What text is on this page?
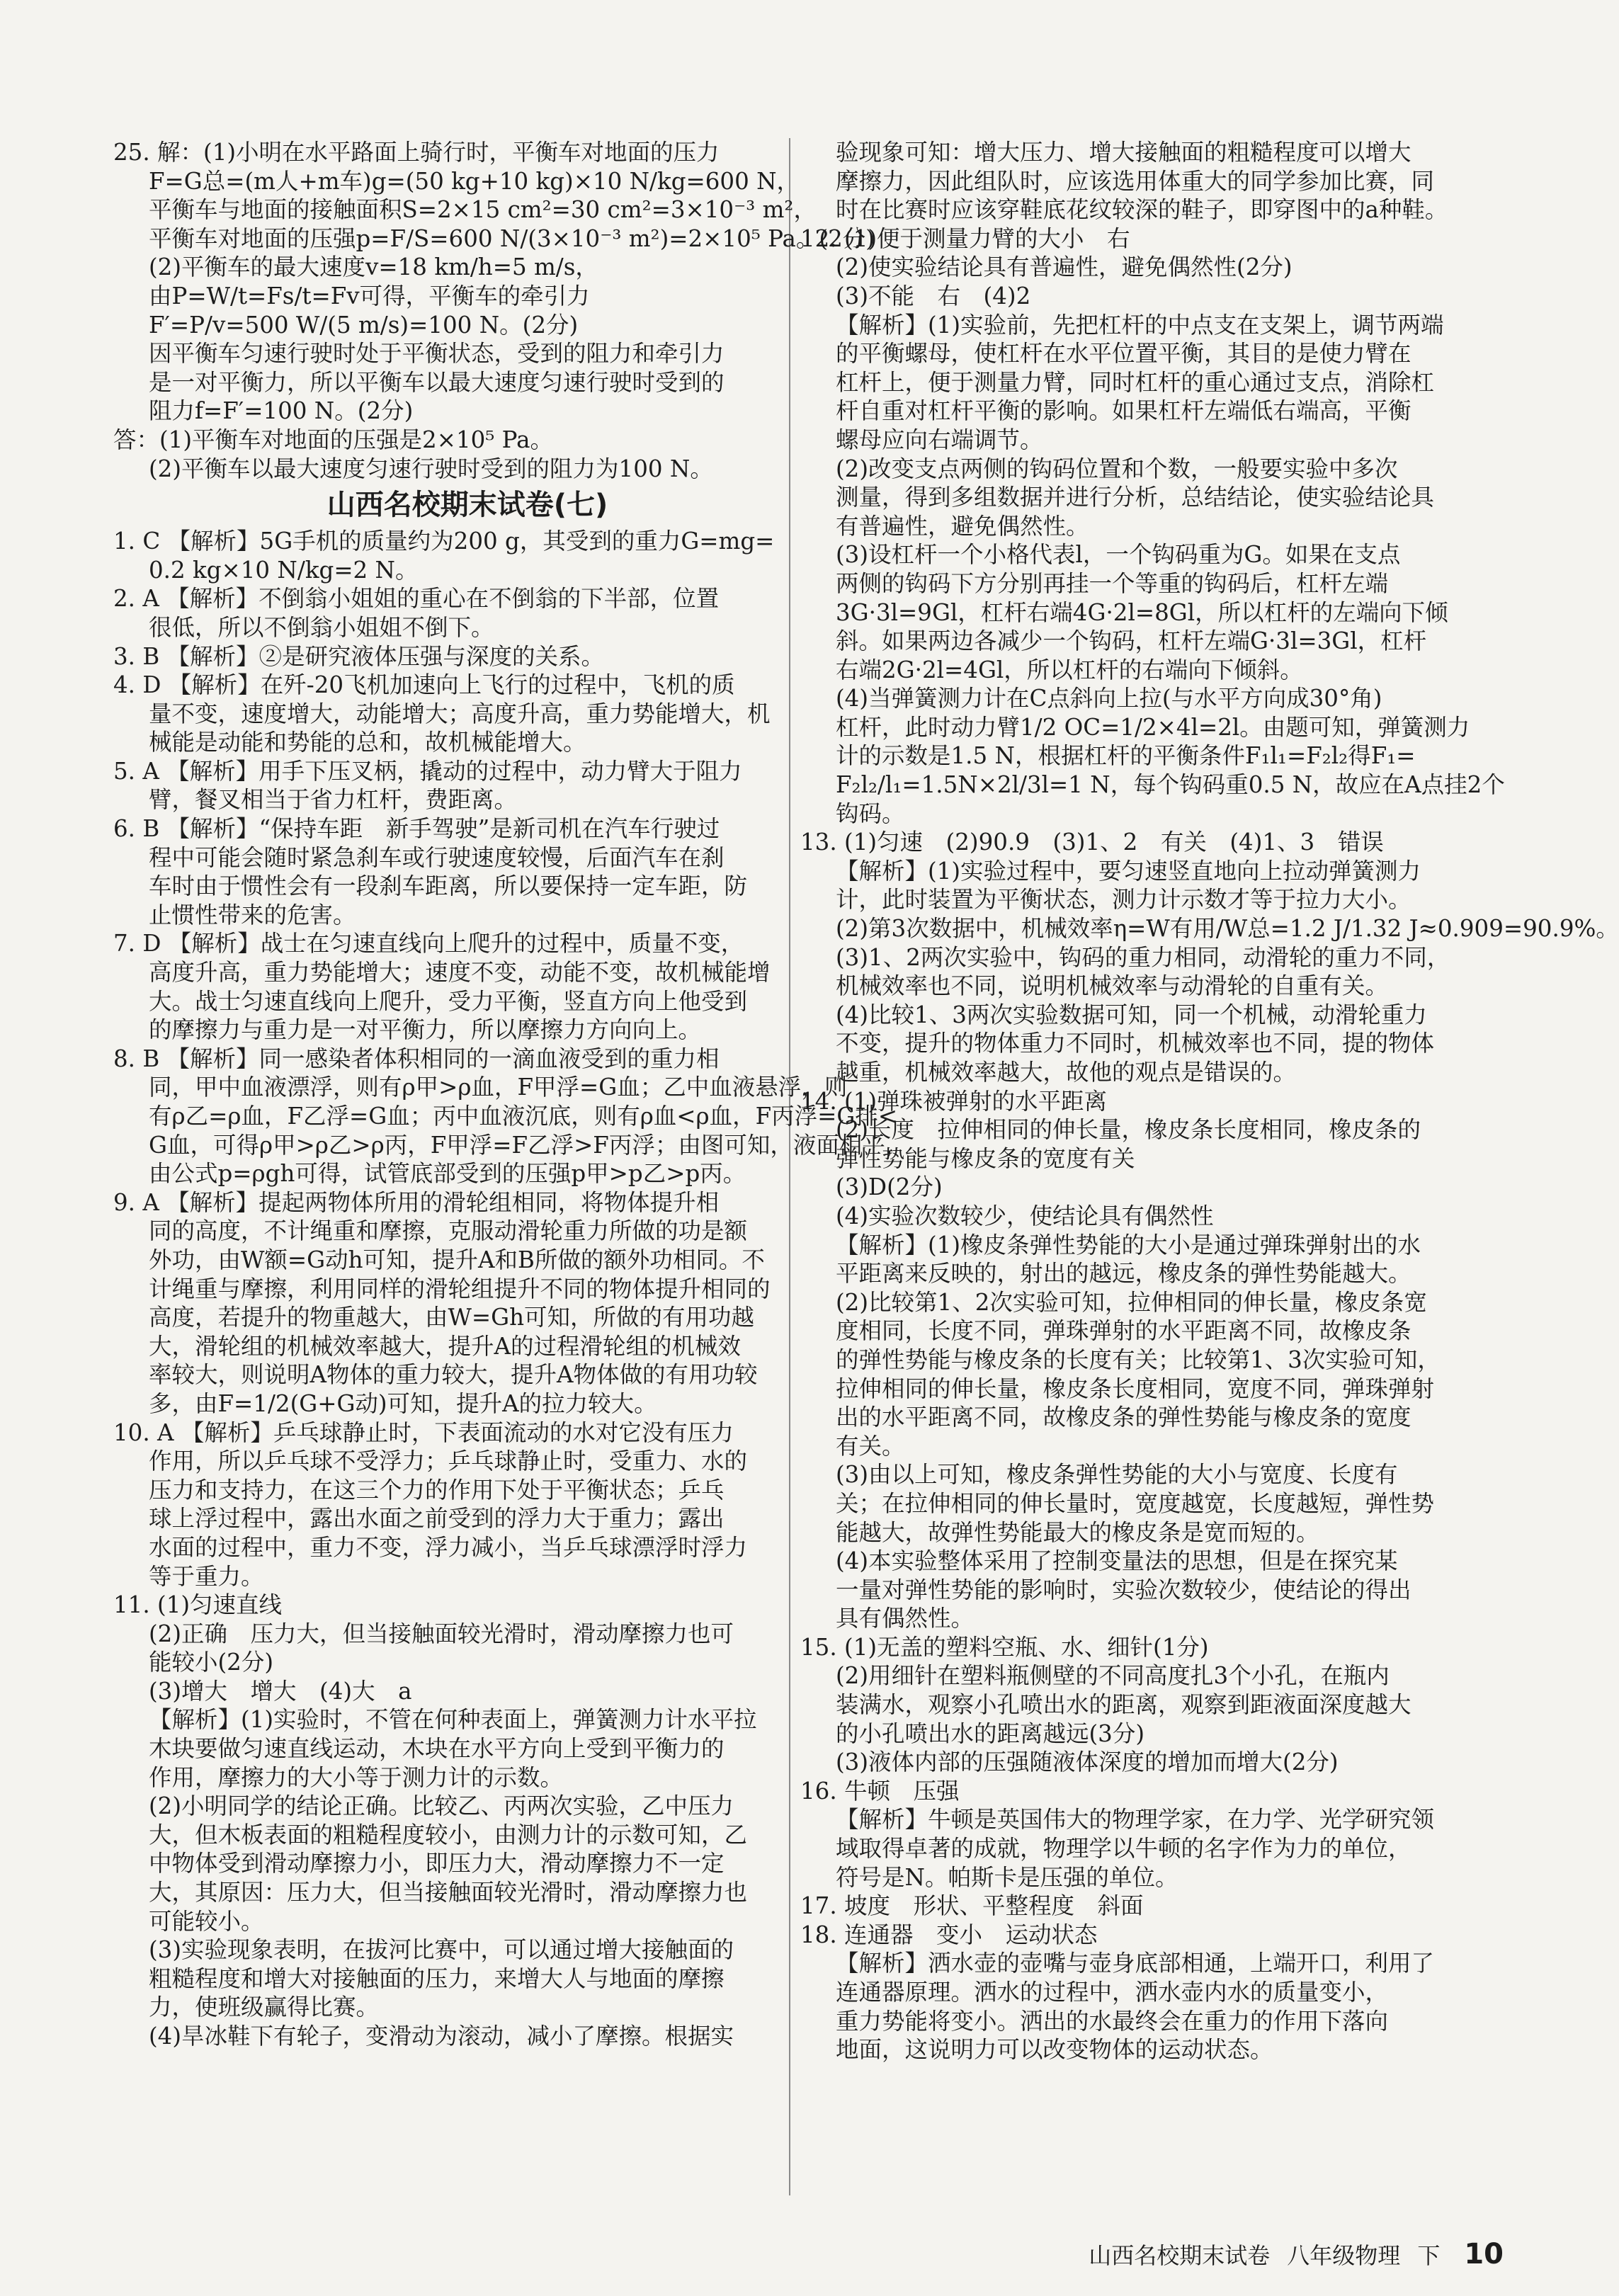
25. 解：(1)小明在水平路面上骑行时，平衡车对地面的压力
F=G总=(m人+m车)g=(50 kg+10 kg)×10 N/kg=600 N，
平衡车与地面的接触面积S=2×15 cm²=30 cm²=3×10⁻³ m²，
平衡车对地面的压强p=F/S=600 N/(3×10⁻³ m²)=2×10⁵ Pa。(2分)
(2)平衡车的最大速度v=18 km/h=5 m/s，
由P=W/t=Fs/t=Fv可得，平衡车的牵引力
F′=P/v=500 W/(5 m/s)=100 N。(2分)
因平衡车匀速行驶时处于平衡状态，受到的阻力和牵引力
是一对平衡力，所以平衡车以最大速度匀速行驶时受到的
阻力f=F′=100 N。(2分)
答：(1)平衡车对地面的压强是2×10⁵ Pa。
(2)平衡车以最大速度匀速行驶时受到的阻力为100 N。
山西名校期末试卷(七)
1. C 【解析】5G手机的质量约为200 g，其受到的重力G=mg=
0.2 kg×10 N/kg=2 N。
2. A 【解析】不倒翁小姐姐的重心在不倒翁的下半部，位置
很低，所以不倒翁小姐姐不倒下。
3. B 【解析】②是研究液体压强与深度的关系。
4. D 【解析】在歼-20飞机加速向上飞行的过程中，飞机的质
量不变，速度增大，动能增大；高度升高，重力势能增大，机
械能是动能和势能的总和，故机械能增大。
5. A 【解析】用手下压叉柄，撬动的过程中，动力臂大于阻力
臂，餐叉相当于省力杠杆，费距离。
6. B 【解析】“保持车距　新手驾驶”是新司机在汽车行驶过
程中可能会随时紧急刹车或行驶速度较慢，后面汽车在刹
车时由于惯性会有一段刹车距离，所以要保持一定车距，防
止惯性带来的危害。
7. D 【解析】战士在匀速直线向上爬升的过程中，质量不变，
高度升高，重力势能增大；速度不变，动能不变，故机械能增
大。战士匀速直线向上爬升，受力平衡，竖直方向上他受到
的摩擦力与重力是一对平衡力，所以摩擦力方向向上。
8. B 【解析】同一感染者体积相同的一滴血液受到的重力相
同，甲中血液漂浮，则有ρ甲>ρ血，F甲浮=G血；乙中血液悬浮，则
有ρ乙=ρ血，F乙浮=G血；丙中血液沉底，则有ρ血<ρ血，F丙浮=G排<
G血，可得ρ甲>ρ乙>ρ丙，F甲浮=F乙浮>F丙浮；由图可知，液面相平，
由公式p=ρgh可得，试管底部受到的压强p甲>p乙>p丙。
9. A 【解析】提起两物体所用的滑轮组相同，将物体提升相
同的高度，不计绳重和摩擦，克服动滑轮重力所做的功是额
外功，由W额=G动h可知，提升A和B所做的额外功相同。不
计绳重与摩擦，利用同样的滑轮组提升不同的物体提升相同的
高度，若提升的物重越大，由W=Gh可知，所做的有用功越
大，滑轮组的机械效率越大，提升A的过程滑轮组的机械效
率较大，则说明A物体的重力较大，提升A物体做的有用功较
多，由F=1/2(G+G动)可知，提升A的拉力较大。
10. A 【解析】乒乓球静止时，下表面流动的水对它没有压力
作用，所以乒乓球不受浮力；乒乓球静止时，受重力、水的
压力和支持力，在这三个力的作用下处于平衡状态；乒乓
球上浮过程中，露出水面之前受到的浮力大于重力；露出
水面的过程中，重力不变，浮力减小，当乒乓球漂浮时浮力
等于重力。
11. (1)匀速直线
(2)正确　压力大，但当接触面较光滑时，滑动摩擦力也可
能较小(2分)
(3)增大　增大　(4)大　a
【解析】(1)实验时，不管在何种表面上，弹簧测力计水平拉
木块要做匀速直线运动，木块在水平方向上受到平衡力的
作用，摩擦力的大小等于测力计的示数。
(2)小明同学的结论正确。比较乙、丙两次实验，乙中压力
大，但木板表面的粗糙程度较小，由测力计的示数可知，乙
中物体受到滑动摩擦力小，即压力大，滑动摩擦力不一定
大，其原因：压力大，但当接触面较光滑时，滑动摩擦力也
可能较小。
(3)实验现象表明，在拔河比赛中，可以通过增大接触面的
粗糙程度和增大对接触面的压力，来增大人与地面的摩擦
力，使班级赢得比赛。
(4)旱冰鞋下有轮子，变滑动为滚动，减小了摩擦。根据实
验现象可知：增大压力、增大接触面的粗糙程度可以增大
摩擦力，因此组队时，应该选用体重大的同学参加比赛，同
时在比赛时应该穿鞋底花纹较深的鞋子，即穿图中的a种鞋。
12. (1)便于测量力臂的大小　右
(2)使实验结论具有普遍性，避免偶然性(2分)
(3)不能　右　(4)2
【解析】(1)实验前，先把杠杆的中点支在支架上，调节两端
的平衡螺母，使杠杆在水平位置平衡，其目的是使力臂在
杠杆上，便于测量力臂，同时杠杆的重心通过支点，消除杠
杆自重对杠杆平衡的影响。如果杠杆左端低右端高，平衡
螺母应向右端调节。
(2)改变支点两侧的钩码位置和个数，一般要实验中多次
测量，得到多组数据并进行分析，总结结论，使实验结论具
有普遍性，避免偶然性。
(3)设杠杆一个小格代表l，一个钩码重为G。如果在支点
两侧的钩码下方分别再挂一个等重的钩码后，杠杆左端
3G·3l=9Gl，杠杆右端4G·2l=8Gl，所以杠杆的左端向下倾
斜。如果两边各减少一个钩码，杠杆左端G·3l=3Gl，杠杆
右端2G·2l=4Gl，所以杠杆的右端向下倾斜。
(4)当弹簧测力计在C点斜向上拉(与水平方向成30°角)
杠杆，此时动力臂1/2 OC=1/2×4l=2l。由题可知，弹簧测力
计的示数是1.5 N，根据杠杆的平衡条件F₁l₁=F₂l₂得F₁=
F₂l₂/l₁=1.5N×2l/3l=1 N，每个钩码重0.5 N，故应在A点挂2个
钩码。
13. (1)匀速　(2)90.9　(3)1、2　有关　(4)1、3　错误
【解析】(1)实验过程中，要匀速竖直地向上拉动弹簧测力
计，此时装置为平衡状态，测力计示数才等于拉力大小。
(2)第3次数据中，机械效率η=W有用/W总=1.2 J/1.32 J≈0.909=90.9%。
(3)1、2两次实验中，钩码的重力相同，动滑轮的重力不同，
机械效率也不同，说明机械效率与动滑轮的自重有关。
(4)比较1、3两次实验数据可知，同一个机械，动滑轮重力
不变，提升的物体重力不同时，机械效率也不同，提的物体
越重，机械效率越大，故他的观点是错误的。
14. (1)弹珠被弹射的水平距离
(2)长度　拉伸相同的伸长量，橡皮条长度相同，橡皮条的
弹性势能与橡皮条的宽度有关
(3)D(2分)
(4)实验次数较少，使结论具有偶然性
【解析】(1)橡皮条弹性势能的大小是通过弹珠弹射出的水
平距离来反映的，射出的越远，橡皮条的弹性势能越大。
(2)比较第1、2次实验可知，拉伸相同的伸长量，橡皮条宽
度相同，长度不同，弹珠弹射的水平距离不同，故橡皮条
的弹性势能与橡皮条的长度有关；比较第1、3次实验可知，
拉伸相同的伸长量，橡皮条长度相同，宽度不同，弹珠弹射
出的水平距离不同，故橡皮条的弹性势能与橡皮条的宽度
有关。
(3)由以上可知，橡皮条弹性势能的大小与宽度、长度有
关；在拉伸相同的伸长量时，宽度越宽，长度越短，弹性势
能越大，故弹性势能最大的橡皮条是宽而短的。
(4)本实验整体采用了控制变量法的思想，但是在探究某
一量对弹性势能的影响时，实验次数较少，使结论的得出
具有偶然性。
15. (1)无盖的塑料空瓶、水、细针(1分)
(2)用细针在塑料瓶侧壁的不同高度扎3个小孔，在瓶内
装满水，观察小孔喷出水的距离，观察到距液面深度越大
的小孔喷出水的距离越远(3分)
(3)液体内部的压强随液体深度的增加而增大(2分)
16. 牛顿　压强
【解析】牛顿是英国伟大的物理学家，在力学、光学研究领
域取得卓著的成就，物理学以牛顿的名字作为力的单位，
符号是N。帕斯卡是压强的单位。
17. 坡度　形状、平整程度　斜面
18. 连通器　变小　运动状态
【解析】洒水壶的壶嘴与壶身底部相通，上端开口，利用了
连通器原理。洒水的过程中，洒水壶内水的质量变小，
重力势能将变小。洒出的水最终会在重力的作用下落向
地面，这说明力可以改变物体的运动状态。
山西名校期末试卷 八年级物理 下 10
